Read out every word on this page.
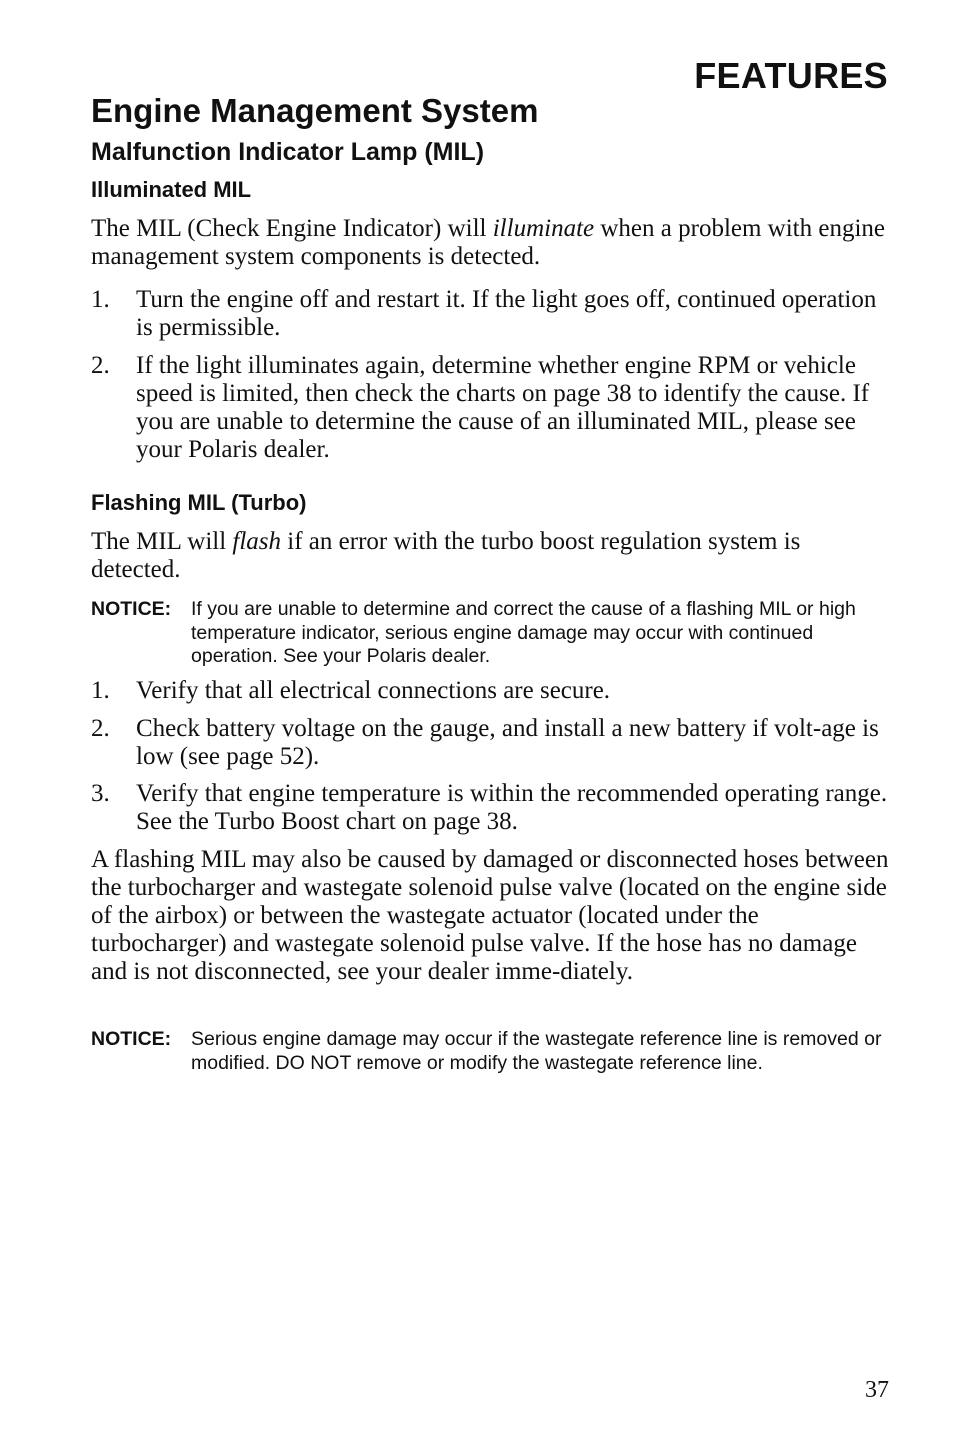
FEATURES
Engine Management System
Malfunction Indicator Lamp (MIL)
Illuminated MIL

The MIL (Check Engine Indicator) will illuminate when a problem with engine management system components is detected.

1.	Turn the engine off and restart it. If the light goes off, continued operation is permissible.
2.	If the light illuminates again, determine whether engine RPM or vehicle speed is limited, then check the charts on page 38 to identify the cause. If you are unable to determine the cause of an illuminated MIL, please see your Polaris dealer.
Flashing MIL (Turbo)

The MIL will flash if an error with the turbo boost regulation system is detected.

NOTICE: If you are unable to determine and correct the cause of a flashing MIL or high temperature indicator, serious engine damage may occur with continued operation. See your Polaris dealer.
1.	Verify that all electrical connections are secure.
2.	Check battery voltage on the gauge, and install a new battery if volt-age is low (see page 52).
3.	Verify that engine temperature is within the recommended operating range. See the Turbo Boost chart on page 38.

A flashing MIL may also be caused by damaged or disconnected hoses between the turbocharger and wastegate solenoid pulse valve (located on the engine side of the airbox) or between the wastegate actuator (located under the turbocharger) and wastegate solenoid pulse valve. If the hose has no damage and is not disconnected, see your dealer imme-diately.

NOTICE: Serious engine damage may occur if the wastegate reference line is removed or modified. DO NOT remove or modify the wastegate reference line.
37
